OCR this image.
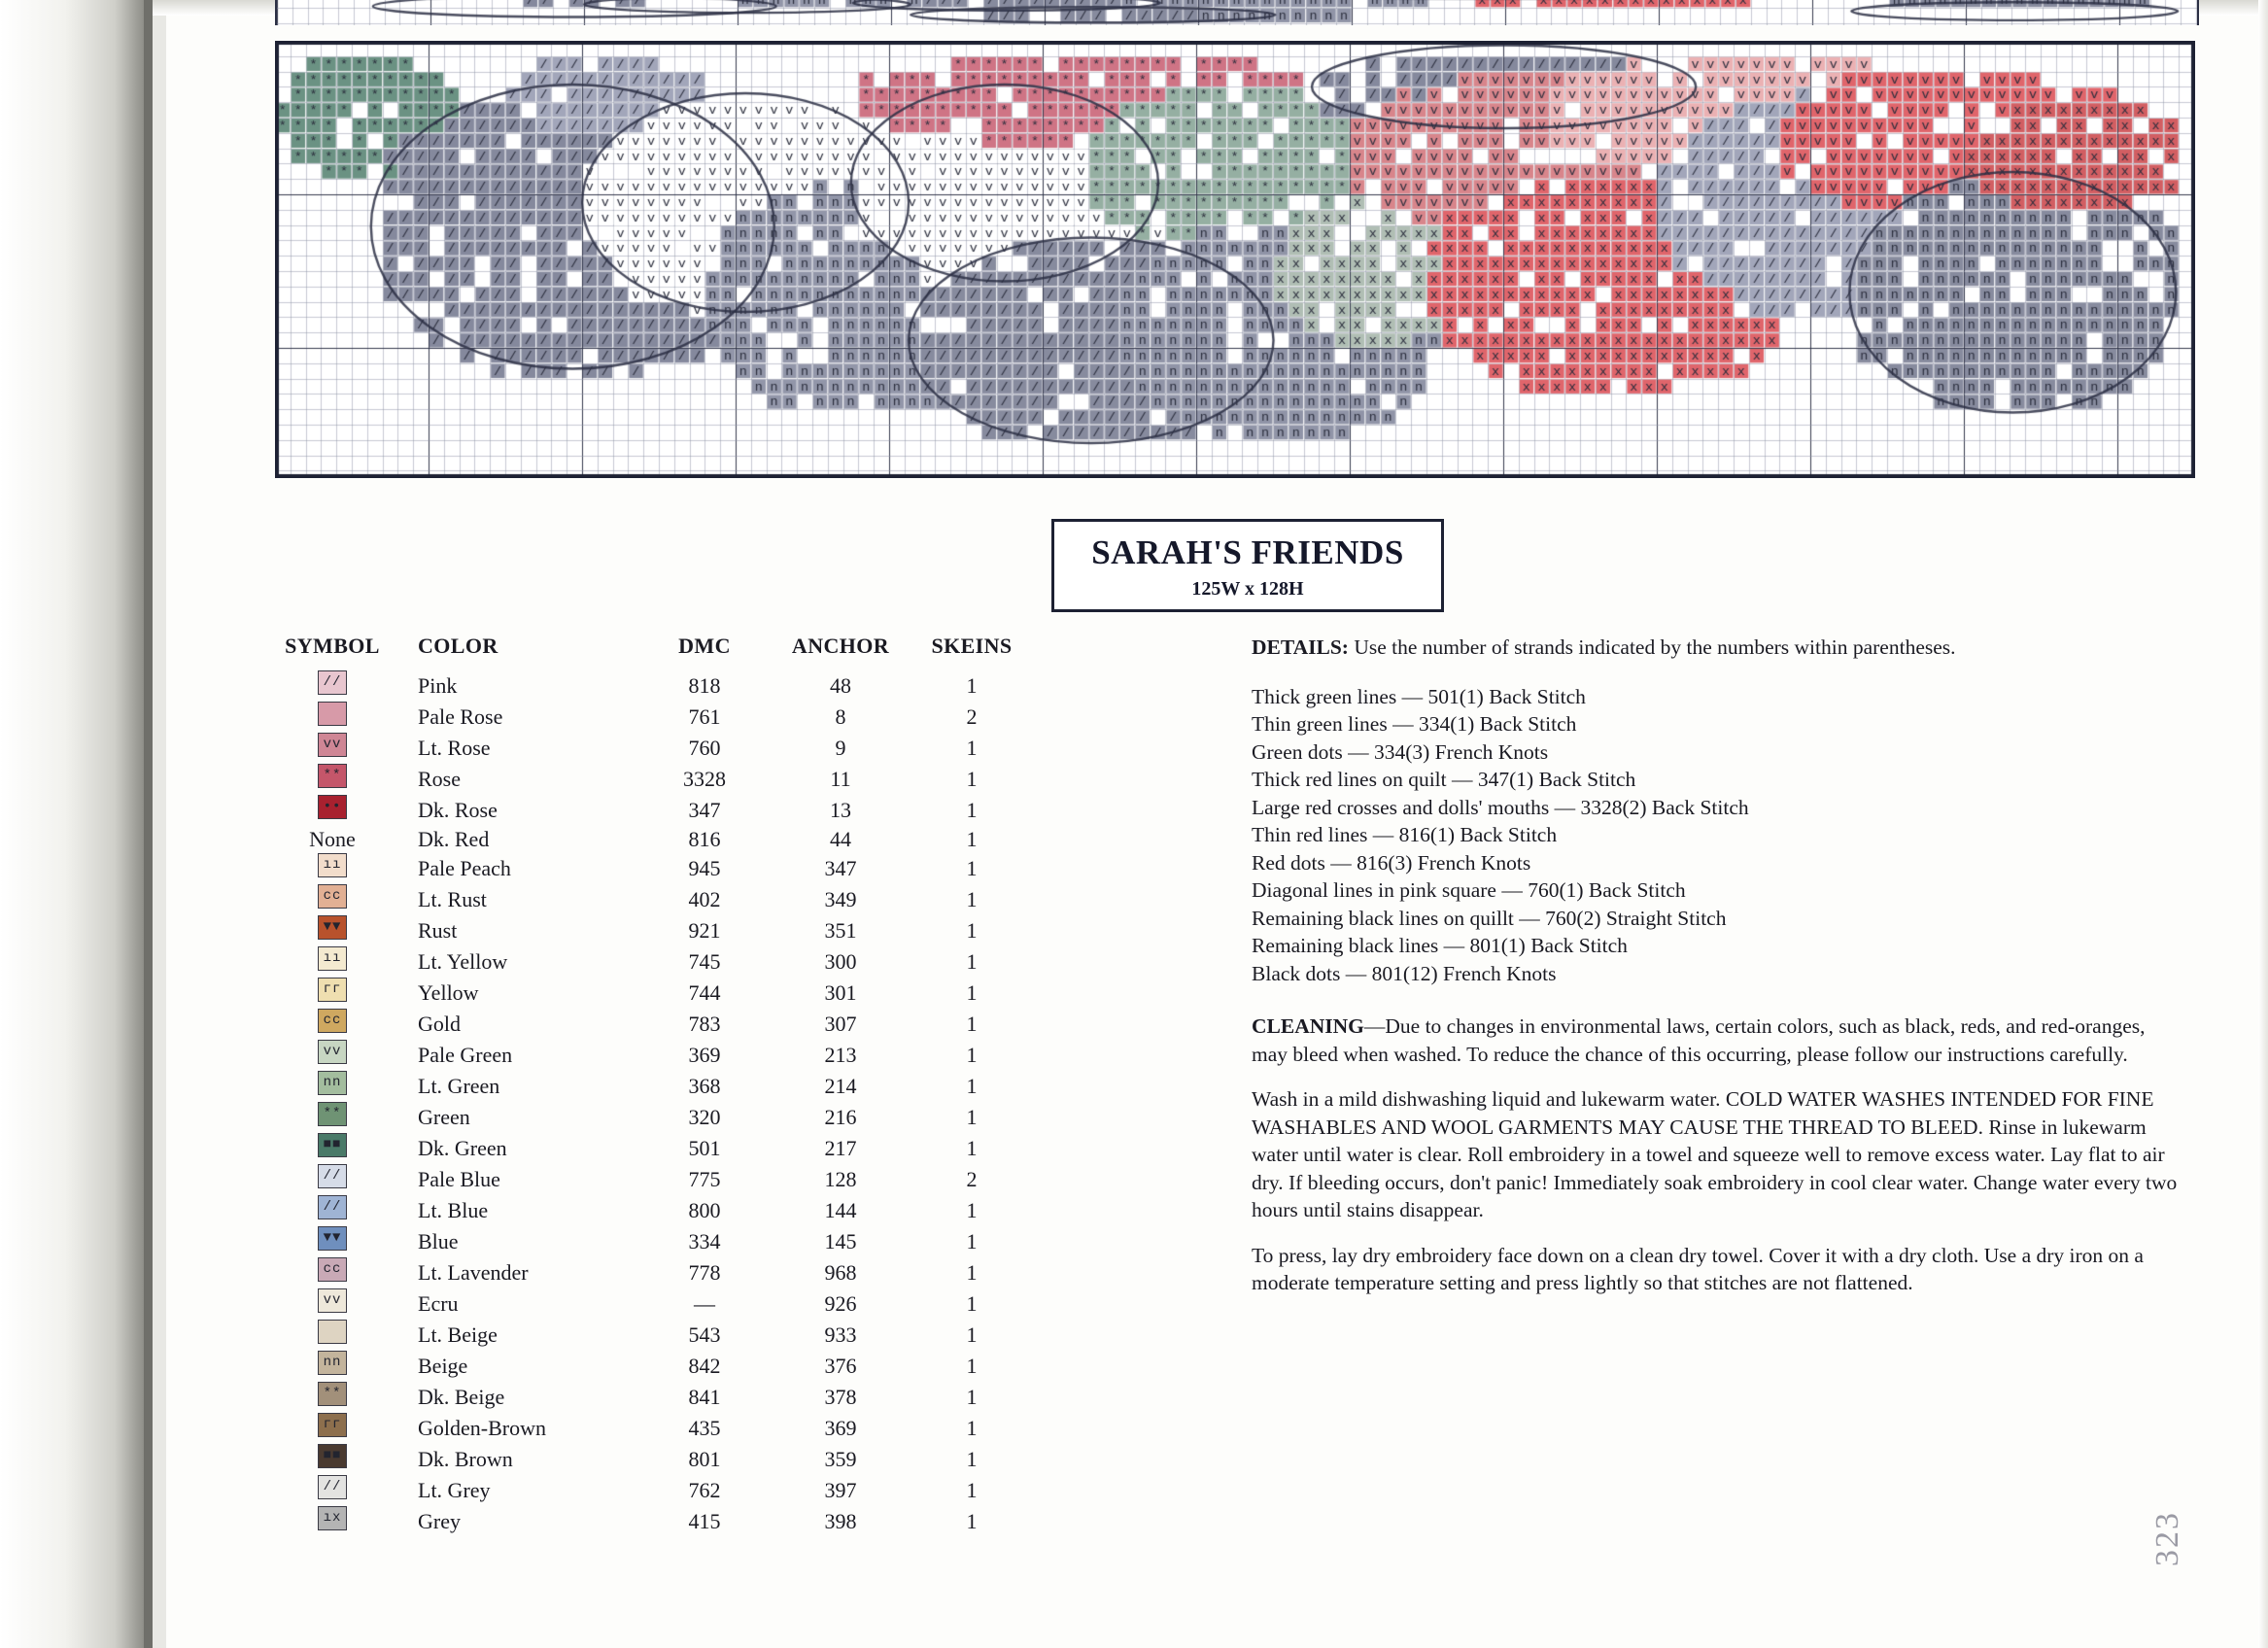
SARAH'S FRIENDS
125W x 128H
SYMBOL	COLOR	DMC	ANCHOR	SKEINS
//	Pink	818	48	1
	Pale Rose	761	8	2
vv	Lt. Rose	760	9	1
**	Rose	3328	11	1
••	Dk. Rose	347	13	1
None	Dk. Red	816	44	1
ıı	Pale Peach	945	347	1
cc	Lt. Rust	402	349	1
▼▼	Rust	921	351	1
ıı	Lt. Yellow	745	300	1
гг	Yellow	744	301	1
cc	Gold	783	307	1
vv	Pale Green	369	213	1
nn	Lt. Green	368	214	1
**	Green	320	216	1
■■	Dk. Green	501	217	1
//	Pale Blue	775	128	2
//	Lt. Blue	800	144	1
▼▼	Blue	334	145	1
cc	Lt. Lavender	778	968	1
vv	Ecru	—	926	1
	Lt. Beige	543	933	1
nn	Beige	842	376	1
**	Dk. Beige	841	378	1
гг	Golden-Brown	435	369	1
■■	Dk. Brown	801	359	1
//	Lt. Grey	762	397	1
ıx	Grey	415	398	1
DETAILS: Use the number of strands indicated by the numbers within parentheses.
Thick green lines — 501(1) Back Stitch
Thin green lines — 334(1) Back Stitch
Green dots — 334(3) French Knots
Thick red lines on quilt — 347(1) Back Stitch
Large red crosses and dolls' mouths — 3328(2) Back Stitch
Thin red lines — 816(1) Back Stitch
Red dots — 816(3) French Knots
Diagonal lines in pink square — 760(1) Back Stitch
Remaining black lines on quillt — 760(2) Straight Stitch
Remaining black lines — 801(1) Back Stitch
Black dots — 801(12) French Knots

CLEANING—Due to changes in environmental laws, certain colors, such as black, reds, and red-oranges, may bleed when washed. To reduce the chance of this occurring, please follow our instructions carefully.

Wash in a mild dishwashing liquid and lukewarm water. COLD WATER WASHES INTENDED FOR FINE WASHABLES AND WOOL GARMENTS MAY CAUSE THE THREAD TO BLEED. Rinse in lukewarm water until water is clear. Roll embroidery in a towel and squeeze well to remove excess water. Lay flat to air dry. If bleeding occurs, don't panic! Immediately soak embroidery in cool clear water. Change water every two hours until stains disappear.

To press, lay dry embroidery face down on a clean dry towel. Cover it with a dry cloth. Use a dry iron on a moderate temperature setting and press lightly so that stitches are not flattened.

323
